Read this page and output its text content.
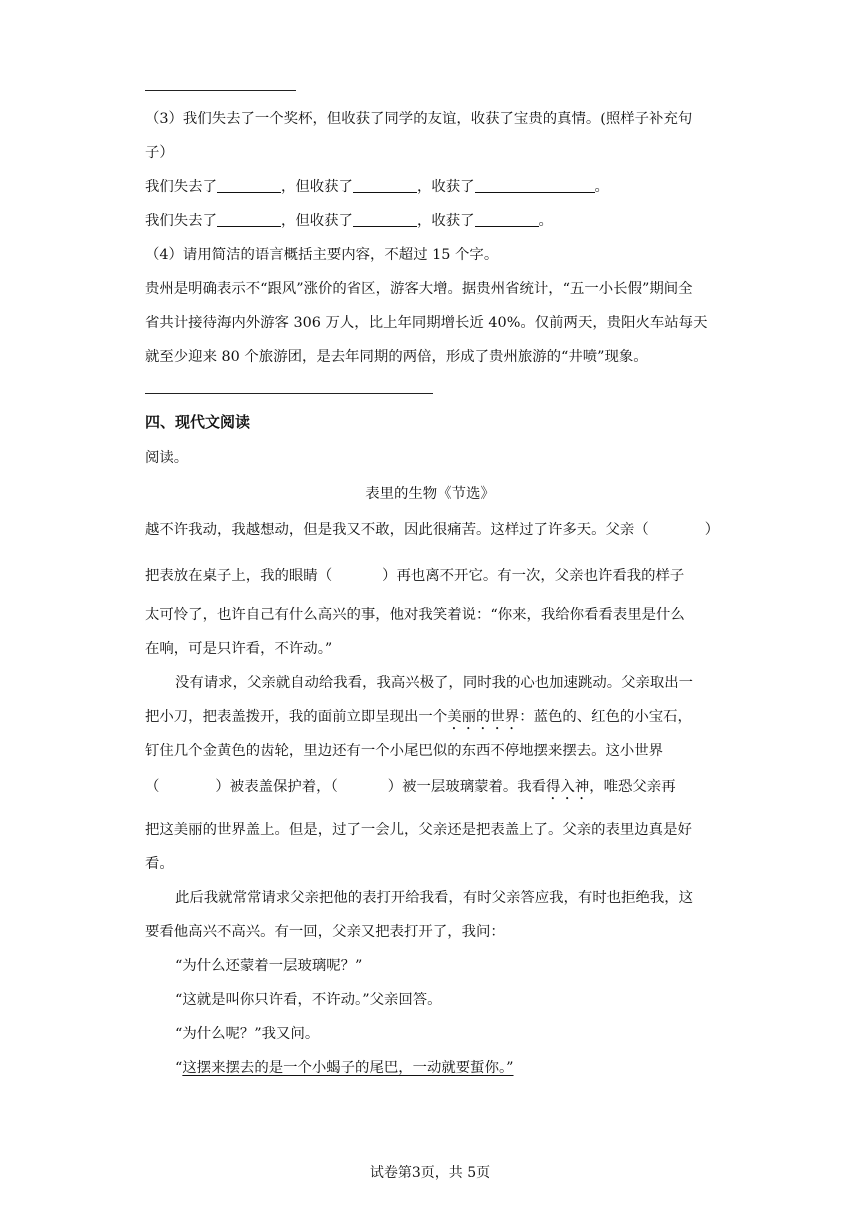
（3）我们失去了一个奖杯，但收获了同学的友谊，收获了宝贵的真情。(照样子补充句
子）
我们失去了	，但收获了	，收获了	。
我们失去了	，但收获了	，收获了	。
（4）请用简洁的语言概括主要内容，不超过 15 个字。
贵州是明确表示不“跟风”涨价的省区，游客大增。据贵州省统计，“五一小长假”期间全
省共计接待海内外游客 306 万人，比上年同期增长近 40%。仅前两天，贵阳火车站每天
就至少迎来 80 个旅游团，是去年同期的两倍，形成了贵州旅游的“井喷”现象。
四、现代文阅读
阅读。
表里的生物《节选》
越不许我动，我越想动，但是我又不敢，因此很痛苦。这样过了许多天。父亲（	）
把表放在桌子上，我的眼睛（	）再也离不开它。有一次，父亲也许看我的样子
太可怜了，也许自己有什么高兴的事，他对我笑着说：“你来，我给你看看表里是什么
在响，可是只许看，不许动。”
没有请求，父亲就自动给我看，我高兴极了，同时我的心也加速跳动。父亲取出一
把小刀，把表盖拨开，我的面前立即呈现出一个美丽的世界：蓝色的、红色的小宝石，
钉住几个金黄色的齿轮，里边还有一个小尾巴似的东西不停地摆来摆去。这小世界
（	）被表盖保护着，（	）被一层玻璃蒙着。我看得入神，唯恐父亲再
把这美丽的世界盖上。但是，过了一会儿，父亲还是把表盖上了。父亲的表里边真是好
看。
此后我就常常请求父亲把他的表打开给我看，有时父亲答应我，有时也拒绝我，这
要看他高兴不高兴。有一回，父亲又把表打开了，我问：
“为什么还蒙着一层玻璃呢？”
“这就是叫你只许看，不许动。”父亲回答。
“为什么呢？”我又问。
“这摆来摆去的是一个小蝎子的尾巴，一动就要蜇你。”
试卷第3页，共 5页
